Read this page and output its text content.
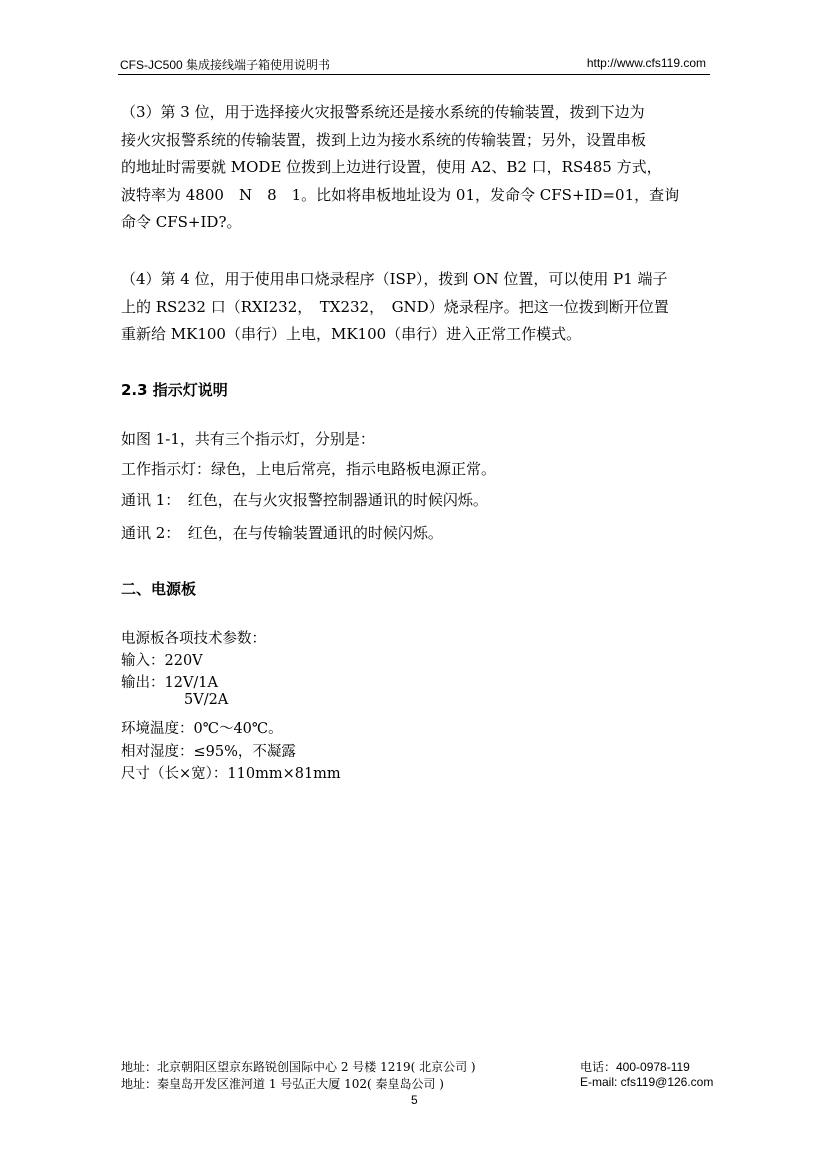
CFS-JC500 集成接线端子箱使用说明书	http://www.cfs119.com
（3）第 3 位，用于选择接火灾报警系统还是接水系统的传输装置，拨到下边为
接火灾报警系统的传输装置，拨到上边为接水系统的传输装置；另外，设置串板
的地址时需要就 MODE 位拨到上边进行设置，使用 A2、B2 口，RS485 方式，
波特率为 4800　N　8　1。比如将串板地址设为 01，发命令 CFS+ID=01，查询
命令 CFS+ID?。
（4）第 4 位，用于使用串口烧录程序（ISP），拨到 ON 位置，可以使用 P1 端子
上的 RS232 口（RXI232，　TX232，　GND）烧录程序。把这一位拨到断开位置
重新给 MK100（串行）上电，MK100（串行）进入正常工作模式。
2.3 指示灯说明
如图 1-1，共有三个指示灯，分别是：
工作指示灯：绿色，上电后常亮，指示电路板电源正常。
通讯 1：　红色，在与火灾报警控制器通讯的时候闪烁。
通讯 2：　红色，在与传输装置通讯的时候闪烁。
二、电源板
电源板各项技术参数：
输入：220V
输出：12V/1A
5V/2A
环境温度：0℃～40℃。
相对湿度：≤95%，不凝露
尺寸（长×宽）：110mm×81mm
地址：北京朝阳区望京东路锐创国际中心 2 号楼 1219( 北京公司 )
地址：秦皇岛开发区淮河道 1 号弘正大厦 102( 秦皇岛公司 )
电话：400-0978-119
E-mail: cfs119@126.com
5
